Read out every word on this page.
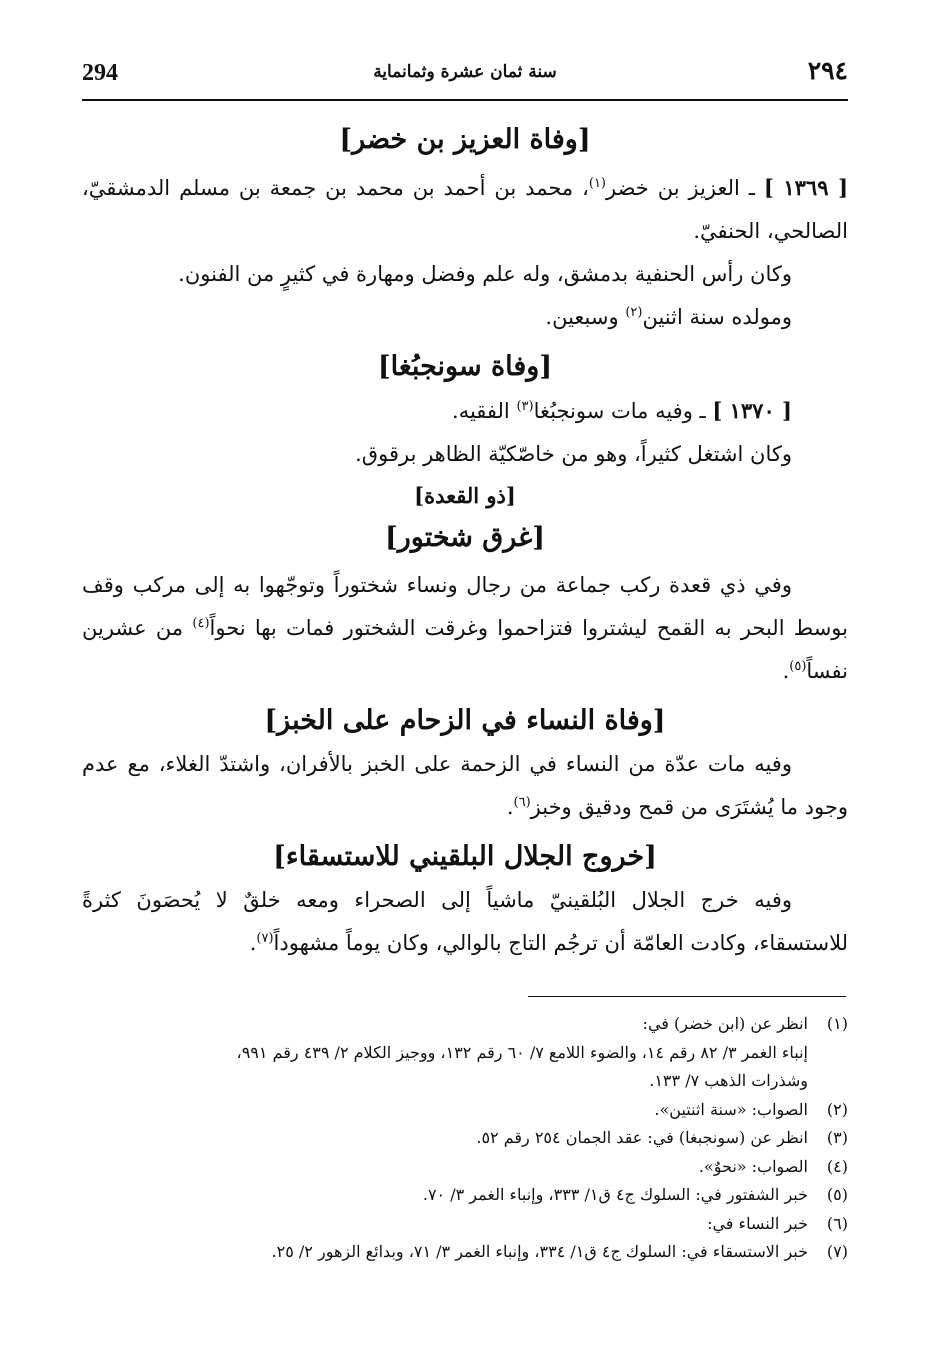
294	سنة ثمان عشرة وثمانماية	٢٩٤

[وفاة العزيز بن خضر]

[ ١٣٦٩ ] ـ العزيز بن خضر$^{(١)}$، محمد بن أحمد بن محمد بن جمعة بن مسلم الدمشقيّ، الصالحي، الحنفيّ.

وكان رأس الحنفية بدمشق، وله علم وفضل ومهارة في كثيرٍ من الفنون.

ومولده سنة اثنين$^{(٢)}$ وسبعين.

[وفاة سونجبُغا]

[ ١٣٧٠ ] ـ وفيه مات سونجبُغا$^{(٣)}$ الفقيه.

وكان اشتغل كثيراً، وهو من خاصّكيّة الظاهر برقوق.

[ذو القعدة]

[غرق شختور]

وفي ذي قعدة ركب جماعة من رجال ونساء شختوراً وتوجّهوا به إلى مركب وقف بوسط البحر به القمح ليشتروا فتزاحموا وغرقت الشختور فمات بها نحواً$^{(٤)}$ من عشرين نفساً$^{(٥)}$.

[وفاة النساء في الزحام على الخبز]

وفيه مات عدّة من النساء في الزحمة على الخبز بالأفران، واشتدّ الغلاء، مع عدم وجود ما يُشتَرَى من قمح ودقيق وخبز$^{(٦)}$.

[خروج الجلال البلقيني للاستسقاء]

وفيه خرج الجلال البُلقينيّ ماشياً إلى الصحراء ومعه خلقٌ لا يُحصَونَ كثرةً للاستسقاء، وكادت العامّة أن ترجُم التاج بالوالي، وكان يوماً مشهوداً$^{(٧)}$.

(١)
انظر عن (ابن خضر) في:
إنباء الغمر ٣/ ٨٢ رقم ١٤، والضوء اللامع ٧/ ٦٠ رقم ١٣٢، ووجيز الكلام ٢/ ٤٣٩ رقم ٩٩١،
وشذرات الذهب ٧/ ١٣٣.

(٢)
الصواب: «سنة اثنتين».

(٣)
انظر عن (سونجبغا) في: عقد الجمان ٢٥٤ رقم ٥٢.

(٤)
الصواب: «نحوٌ».

(٥)
خبر الشفتور في: السلوك ج٤ ق١/ ٣٣٣، وإنباء الغمر ٣/ ٧٠.

(٦)
خبر النساء في:

(٧)
خبر الاستسقاء في: السلوك ج٤ ق١/ ٣٣٤، وإنباء الغمر ٣/ ٧١، وبدائع الزهور ٢/ ٢٥.
